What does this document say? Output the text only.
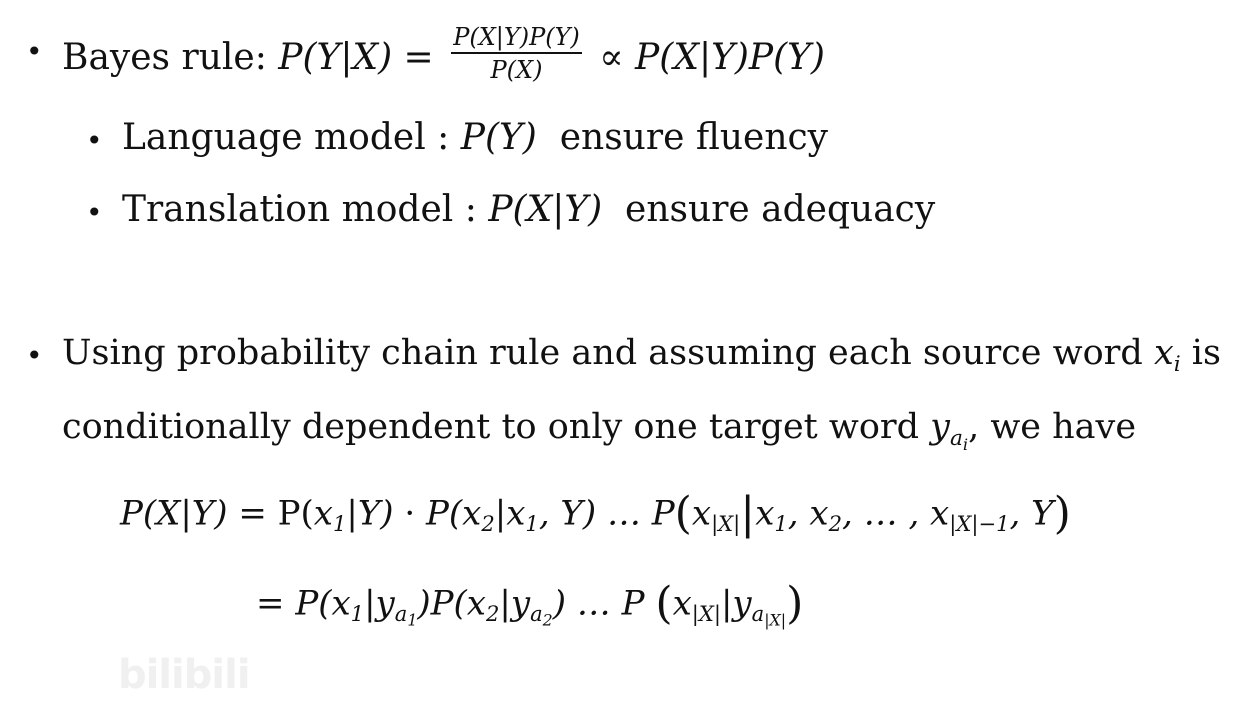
• Bayes rule: $P(Y|X) = \frac{P(X|Y)P(Y)}{P(X)} \propto P(X|Y)P(Y)$
• Language model : P(Y) ensure fluency
• Translation model : P(X|Y) ensure adequacy
• Using probability chain rule and assuming each source word $x_i$ is
conditionally dependent to only one target word $y_{a_i}$, we have
$P(X|Y) = P(x_1|Y) \cdot P(x_2|x_1$, Y) … $P(x_{|X|}|x_1$, $x_2$, … , $x_{|X|-1}$, Y)
= $P(x_1|y_{a_1})P(x_2|y_{a_2})$ … P $(x_{|X|}|y_{a_{|X|}})$
bilibili
